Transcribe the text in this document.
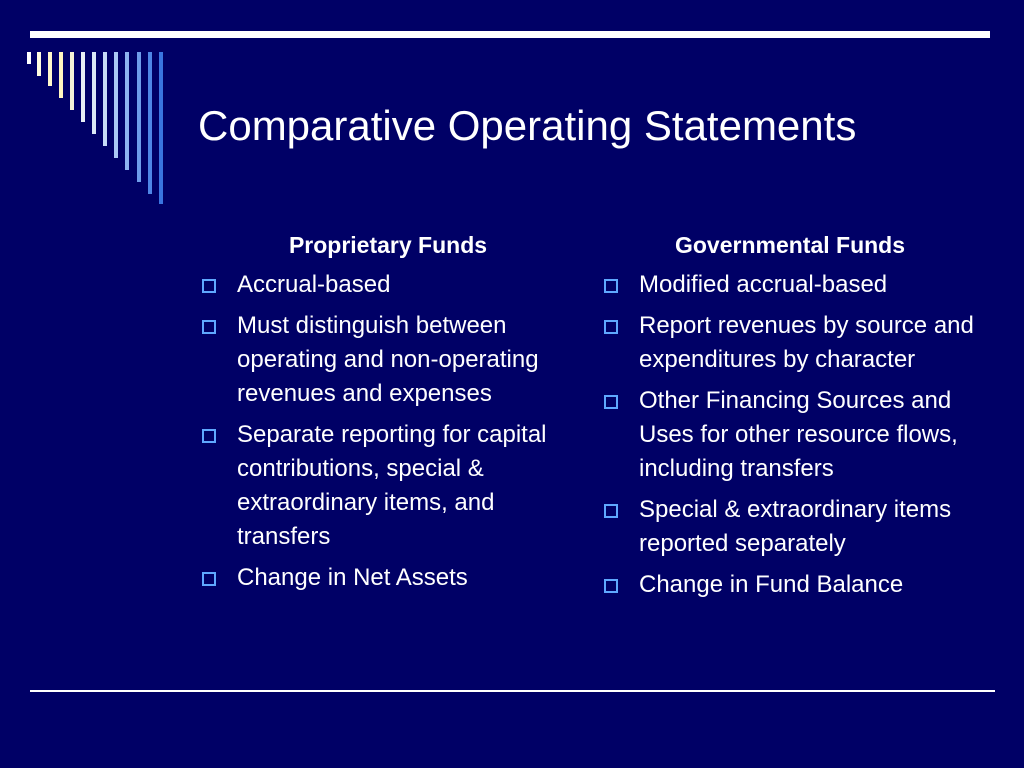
Comparative Operating Statements
Proprietary Funds
Accrual-based
Must distinguish between operating and non-operating revenues and expenses
Separate reporting for capital contributions, special & extraordinary items, and transfers
Change in Net Assets
Governmental Funds
Modified accrual-based
Report revenues by source and expenditures by character
Other Financing Sources and Uses for other resource flows, including transfers
Special & extraordinary items reported separately
Change in Fund Balance
